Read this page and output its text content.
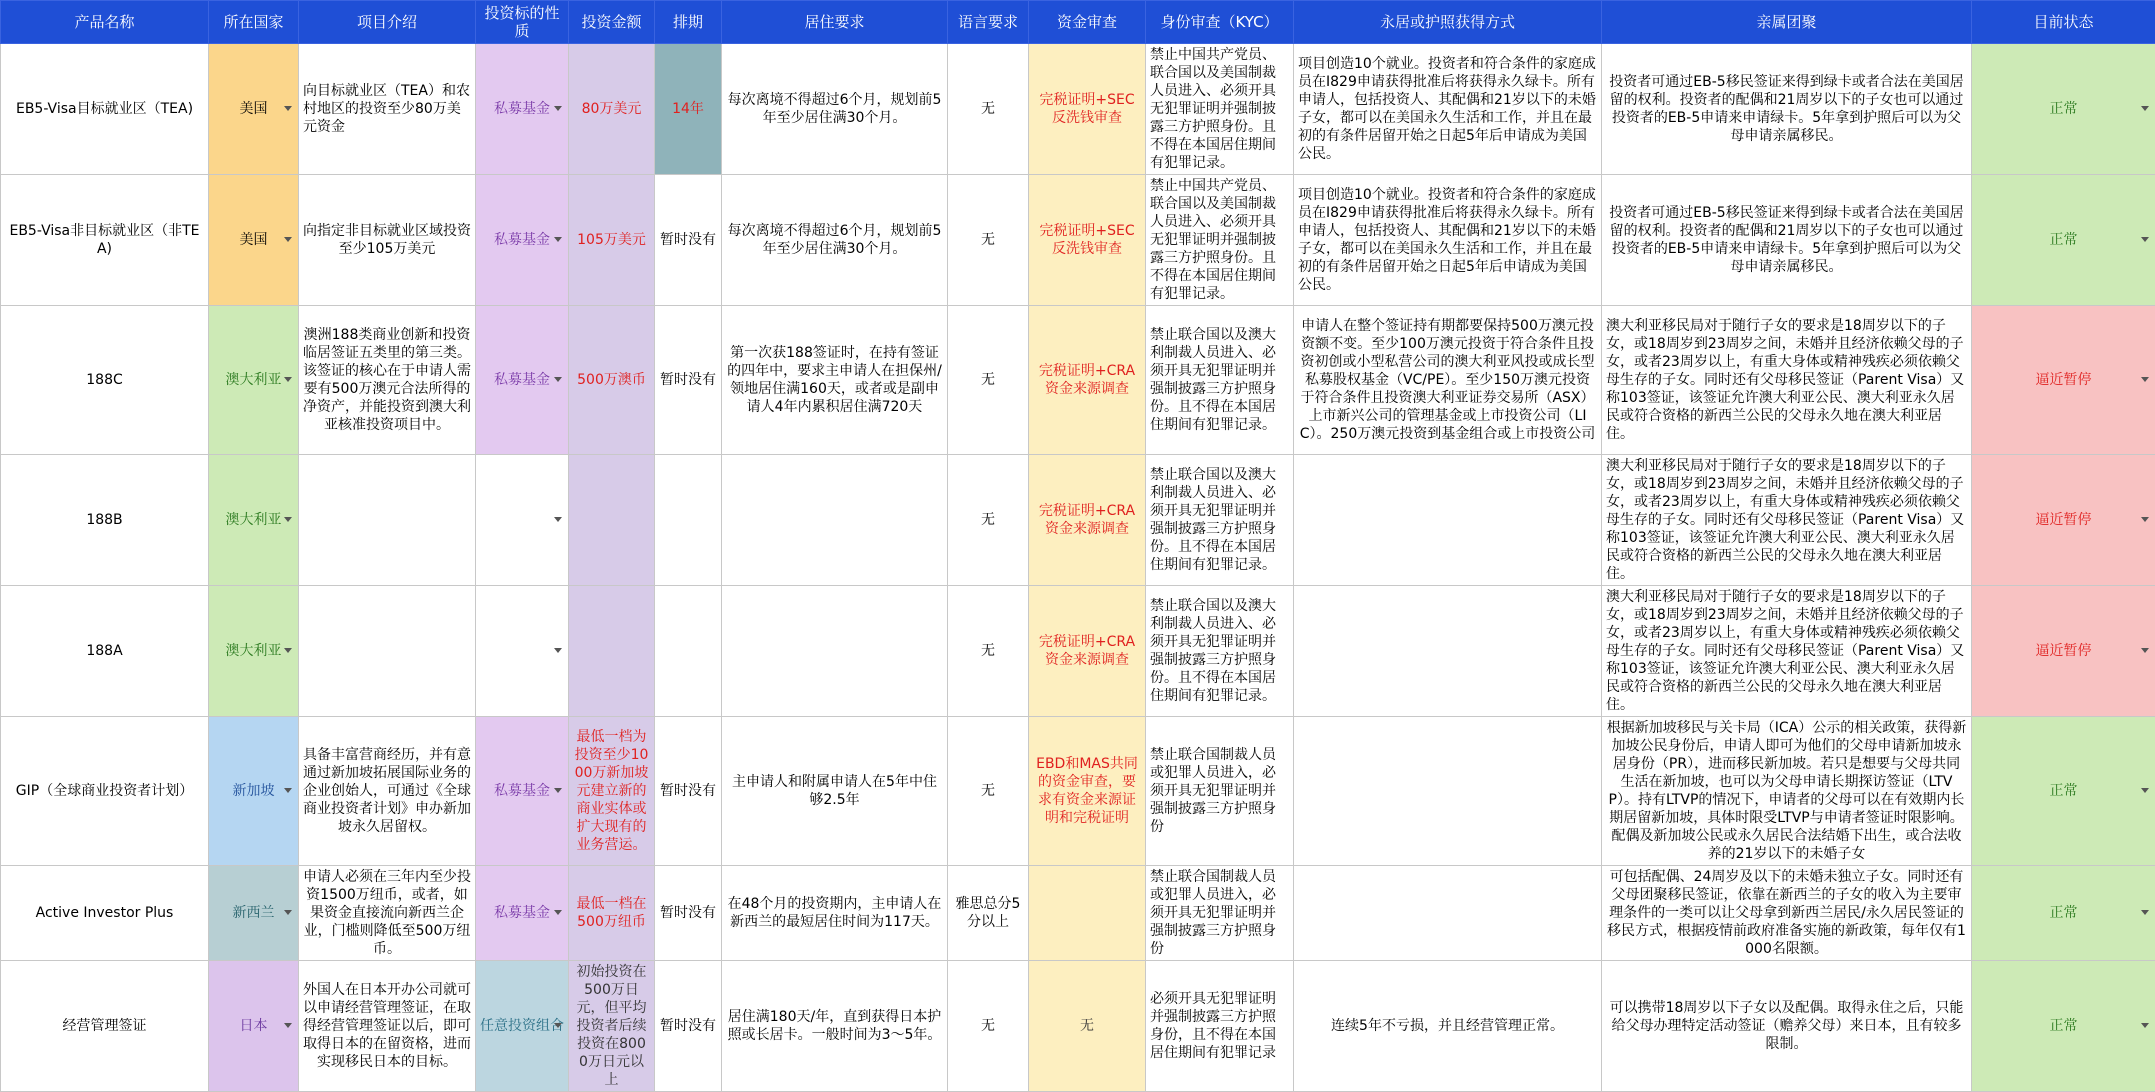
产品名称	所在国家	项目介绍	投资标的性质	投资金额	排期	居住要求	语言要求	资金审查	身份审查（KYC）	永居或护照获得方式	亲属团聚	目前状态
EB5-Visa目标就业区（TEA)	美国	向目标就业区（TEA）和农村地区的投资至少80万美元资金	私募基金	80万美元	14年	每次离境不得超过6个月，规划前5年至少居住满30个月。	无	完税证明+SEC反洗钱审查	禁止中国共产党员、联合国以及美国制裁人员进入、必须开具无犯罪证明并强制披露三方护照身份。且不得在本国居住期间有犯罪记录。	项目创造10个就业。投资者和符合条件的家庭成员在I829申请获得批准后将获得永久绿卡。所有申请人，包括投资人、其配偶和21岁以下的未婚子女，都可以在美国永久生活和工作，并且在最初的有条件居留开始之日起5年后申请成为美国公民。	投资者可通过EB-5移民签证来得到绿卡或者合法在美国居留的权利。投资者的配偶和21周岁以下的子女也可以通过投资者的EB-5申请来申请绿卡。5年拿到护照后可以为父母申请亲属移民。	正常

EB5-Visa非目标就业区（非TEA)	美国	向指定非目标就业区域投资至少105万美元	私募基金	105万美元	暂时没有	每次离境不得超过6个月，规划前5年至少居住满30个月。	无	完税证明+SEC反洗钱审查	禁止中国共产党员、联合国以及美国制裁人员进入、必须开具无犯罪证明并强制披露三方护照身份。且不得在本国居住期间有犯罪记录。	项目创造10个就业。投资者和符合条件的家庭成员在I829申请获得批准后将获得永久绿卡。所有申请人，包括投资人、其配偶和21岁以下的未婚子女，都可以在美国永久生活和工作，并且在最初的有条件居留开始之日起5年后申请成为美国公民。	投资者可通过EB-5移民签证来得到绿卡或者合法在美国居留的权利。投资者的配偶和21周岁以下的子女也可以通过投资者的EB-5申请来申请绿卡。5年拿到护照后可以为父母申请亲属移民。	正常

188C	澳大利亚	澳洲188类商业创新和投资临居签证五类里的第三类。该签证的核心在于申请人需要有500万澳元合法所得的净资产，并能投资到澳大利亚核准投资项目中。	私募基金	500万澳币	暂时没有	第一次获188签证时，在持有签证的四年中，要求主申请人在担保州/领地居住满160天，或者或是副申请人4年内累积居住满720天	无	完税证明+CRA资金来源调查	禁止联合国以及澳大利制裁人员进入、必须开具无犯罪证明并强制披露三方护照身份。且不得在本国居住期间有犯罪记录。	申请人在整个签证持有期都要保持500万澳元投资额不变。至少100万澳元投资于符合条件且投资初创或小型私营公司的澳大利亚风投或成长型私募股权基金（VC/PE）。至少150万澳元投资于符合条件且投资澳大利亚证券交易所（ASX）上市新兴公司的管理基金或上市投资公司（LIC）。250万澳元投资到基金组合或上市投资公司	澳大利亚移民局对于随行子女的要求是18周岁以下的子女，或18周岁到23周岁之间，未婚并且经济依赖父母的子女，或者23周岁以上，有重大身体或精神残疾必须依赖父母生存的子女。同时还有父母移民签证（Parent Visa）又称103签证，该签证允许澳大利亚公民、澳大利亚永久居民或符合资格的新西兰公民的父母永久地在澳大利亚居住。	逼近暂停

188B	澳大利亚						无	完税证明+CRA资金来源调查	禁止联合国以及澳大利制裁人员进入、必须开具无犯罪证明并强制披露三方护照身份。且不得在本国居住期间有犯罪记录。		澳大利亚移民局对于随行子女的要求是18周岁以下的子女，或18周岁到23周岁之间，未婚并且经济依赖父母的子女，或者23周岁以上，有重大身体或精神残疾必须依赖父母生存的子女。同时还有父母移民签证（Parent Visa）又称103签证，该签证允许澳大利亚公民、澳大利亚永久居民或符合资格的新西兰公民的父母永久地在澳大利亚居住。	逼近暂停

188A	澳大利亚						无	完税证明+CRA资金来源调查	禁止联合国以及澳大利制裁人员进入、必须开具无犯罪证明并强制披露三方护照身份。且不得在本国居住期间有犯罪记录。		澳大利亚移民局对于随行子女的要求是18周岁以下的子女，或18周岁到23周岁之间，未婚并且经济依赖父母的子女，或者23周岁以上，有重大身体或精神残疾必须依赖父母生存的子女。同时还有父母移民签证（Parent Visa）又称103签证，该签证允许澳大利亚公民、澳大利亚永久居民或符合资格的新西兰公民的父母永久地在澳大利亚居住。	逼近暂停

GIP（全球商业投资者计划）	新加坡	具备丰富营商经历，并有意通过新加坡拓展国际业务的企业创始人，可通过《全球商业投资者计划》申办新加坡永久居留权。	私募基金	最低一档为投资至少1000万新加坡元建立新的商业实体或扩大现有的业务营运。	暂时没有	主申请人和附属申请人在5年中住够2.5年	无	EBD和MAS共同的资金审查，要求有资金来源证明和完税证明	禁止联合国制裁人员或犯罪人员进入，必须开具无犯罪证明并强制披露三方护照身份		根据新加坡移民与关卡局（ICA）公示的相关政策，获得新加坡公民身份后，申请人即可为他们的父母申请新加坡永居身份（PR），进而移民新加坡。若只是想要与父母共同生活在新加坡，也可以为父母申请长期探访签证（LTVP）。持有LTVP的情况下，申请者的父母可以在有效期内长期居留新加坡，具体时限受LTVP与申请者签证时限影响。配偶及新加坡公民或永久居民合法结婚下出生，或合法收养的21岁以下的未婚子女	正常

Active Investor Plus	新西兰	申请人必须在三年内至少投资1500万纽币，或者，如果资金直接流向新西兰企业，门槛则降低至500万纽币。	私募基金	最低一档在500万纽币	暂时没有	在48个月的投资期内，主申请人在新西兰的最短居住时间为117天。	雅思总分5分以上		禁止联合国制裁人员或犯罪人员进入，必须开具无犯罪证明并强制披露三方护照身份		可包括配偶、24周岁及以下的未婚未独立子女。同时还有父母团聚移民签证，依靠在新西兰的子女的收入为主要审理条件的一类可以让父母拿到新西兰居民/永久居民签证的移民方式，根据疫情前政府准备实施的新政策，每年仅有1000名限额。	正常

经营管理签证	日本	外国人在日本开办公司就可以申请经营管理签证，在取得经营管理签证以后，即可取得日本的在留资格，进而实现移民日本的目标。	任意投资组合	初始投资在500万日元，但平均投资者后续投资在8000万日元以上	暂时没有	居住满180天/年，直到获得日本护照或长居卡。一般时间为3～5年。	无	无	必须开具无犯罪证明并强制披露三方护照身份，且不得在本国居住期间有犯罪记录	连续5年不亏损，并且经营管理正常。	可以携带18周岁以下子女以及配偶。取得永住之后，只能给父母办理特定活动签证（赡养父母）来日本，且有较多限制。	正常
